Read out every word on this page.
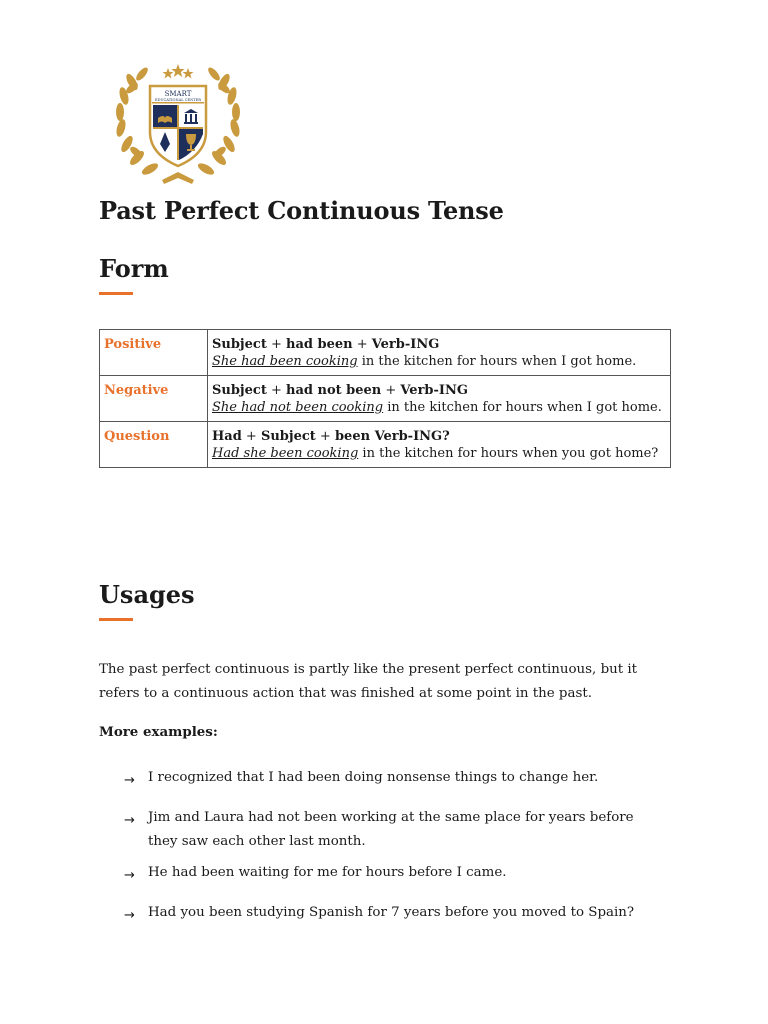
SMART
EDUCATIONAL CENTER
Past Perfect Continuous Tense
Form
Positive	Subject + had been + Verb-ING
She had been cooking in the kitchen for hours when I got home.

Negative	Subject + had not been + Verb-ING
She had not been cooking in the kitchen for hours when I got home.

Question	Had + Subject + been Verb-ING?
Had she been cooking in the kitchen for hours when you got home?
Usages

The past perfect continuous is partly like the present perfect continuous, but it refers to a continuous action that was finished at some point in the past.

More examples:

→ I recognized that I had been doing nonsense things to change her.
→ Jim and Laura had not been working at the same place for years before they saw each other last month.
→ He had been waiting for me for hours before I came.
→ Had you been studying Spanish for 7 years before you moved to Spain?
